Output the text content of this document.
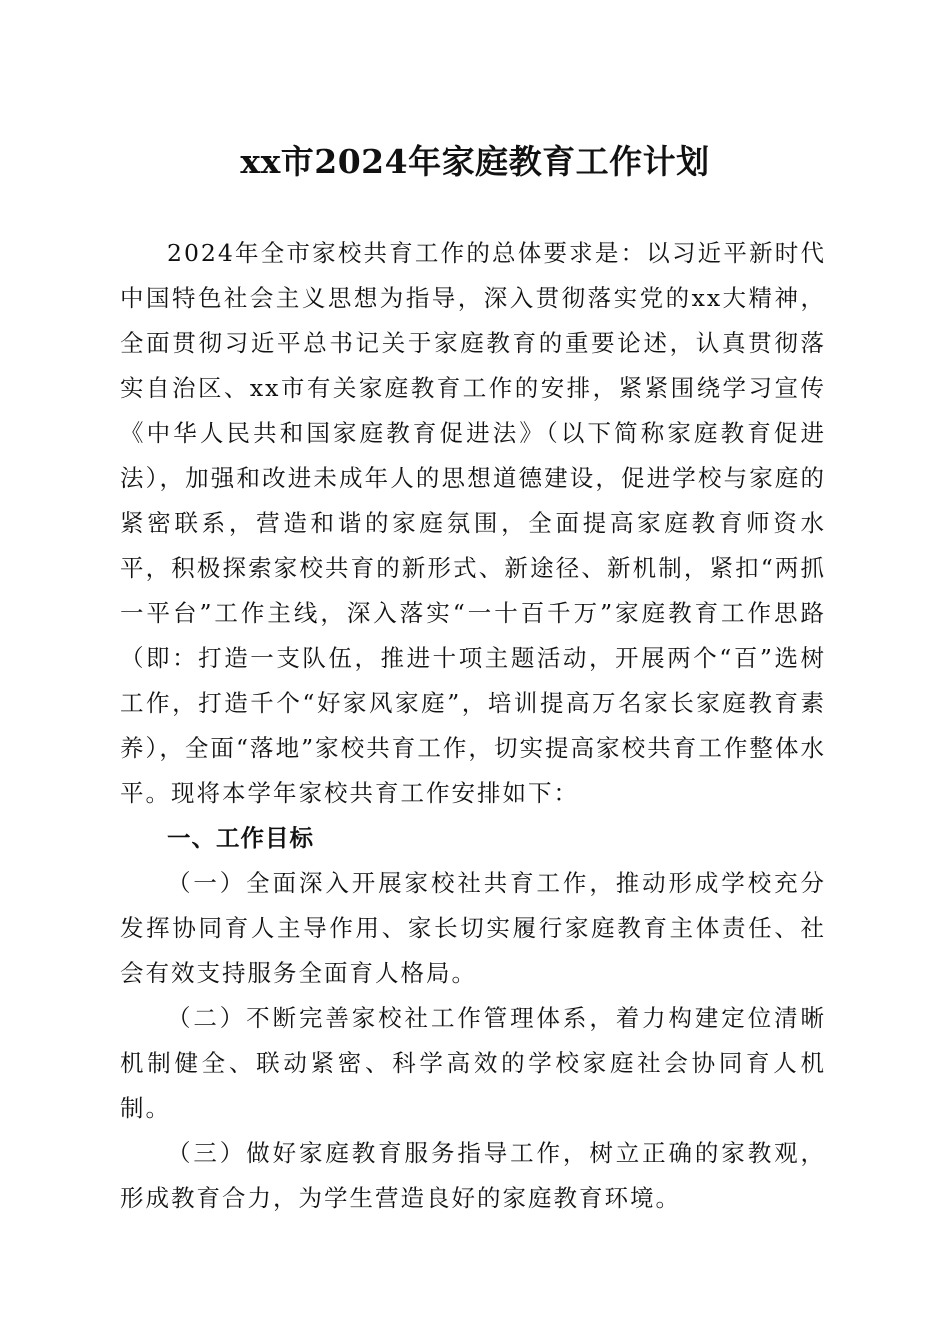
xx市2024年家庭教育工作计划

2024年全市家校共育工作的总体要求是：以习近平新时代中国特色社会主义思想为指导，深入贯彻落实党的xx大精神，全面贯彻习近平总书记关于家庭教育的重要论述，认真贯彻落实自治区、xx市有关家庭教育工作的安排，紧紧围绕学习宣传《中华人民共和国家庭教育促进法》（以下简称家庭教育促进法），加强和改进未成年人的思想道德建设，促进学校与家庭的紧密联系，营造和谐的家庭氛围，全面提高家庭教育师资水平，积极探索家校共育的新形式、新途径、新机制，紧扣“两抓一平台”工作主线，深入落实“一十百千万”家庭教育工作思路（即：打造一支队伍，推进十项主题活动，开展两个“百”选树工作，打造千个“好家风家庭”，培训提高万名家长家庭教育素养），全面“落地”家校共育工作，切实提高家校共育工作整体水平。现将本学年家校共育工作安排如下：

一、工作目标

（一）全面深入开展家校社共育工作，推动形成学校充分发挥协同育人主导作用、家长切实履行家庭教育主体责任、社会有效支持服务全面育人格局。

（二）不断完善家校社工作管理体系，着力构建定位清晰机制健全、联动紧密、科学高效的学校家庭社会协同育人机制。

（三）做好家庭教育服务指导工作，树立正确的家教观，形成教育合力，为学生营造良好的家庭教育环境。
